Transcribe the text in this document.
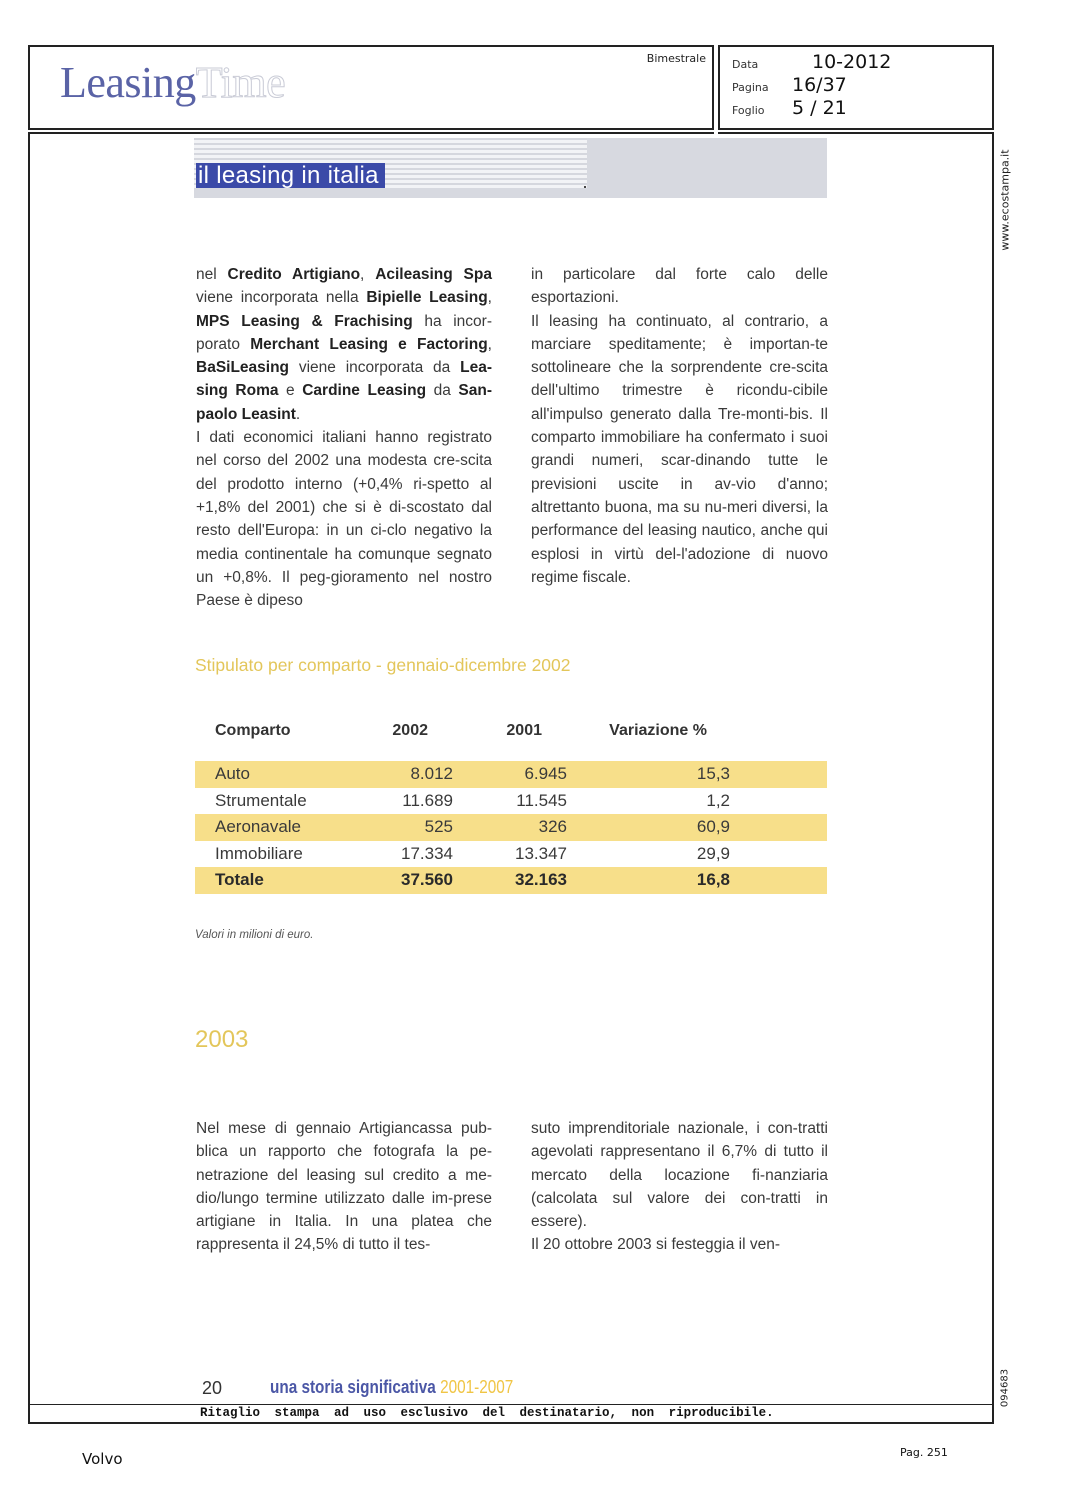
LeasingTime	Bimestrale Data	10-2012
Pagina	16/37
Foglio	5 / 21
www.ecostampa.it
094683
il leasing in italia

nel Credito Artigiano, Acileasing Spa viene incorporata nella Bipielle Leasing, MPS Leasing & Frachising ha incor-porato Merchant Leasing e Factoring, BaSiLeasing viene incorporata da Lea-sing Roma e Cardine Leasing da San-paolo Leasint.

I dati economici italiani hanno registrato nel corso del 2002 una modesta cre-scita del prodotto interno (+0,4% ri-spetto al +1,8% del 2001) che si è di-scostato dal resto dell'Europa: in un ci-clo negativo la media continentale ha comunque segnato un +0,8%. Il peg-gioramento nel nostro Paese è dipeso

in particolare dal forte calo delle esportazioni.

Il leasing ha continuato, al contrario, a marciare speditamente; è importan-te sottolineare che la sorprendente cre-scita dell'ultimo trimestre è ricondu-cibile all'impulso generato dalla Tre-monti-bis. Il comparto immobiliare ha confermato i suoi grandi numeri, scar-dinando tutte le previsioni uscite in av-vio d'anno; altrettanto buona, ma su nu-meri diversi, la performance del leasing nautico, anche qui esplosi in virtù del-l'adozione di nuovo regime fiscale.

Stipulato per comparto - gennaio-dicembre 2002
Comparto	2002	2001	Variazione %
Auto	8.012	6.945	15,3
Strumentale	11.689	11.545	1,2
Aeronavale	525	326	60,9
Immobiliare	17.334	13.347	29,9
Totale	37.560	32.163	16,8
Valori in milioni di euro.
2003

Nel mese di gennaio Artigiancassa pub-blica un rapporto che fotografa la pe-netrazione del leasing sul credito a me-dio/lungo termine utilizzato dalle im-prese artigiane in Italia. In una platea che rappresenta il 24,5% di tutto il tes-

suto imprenditoriale nazionale, i con-tratti agevolati rappresentano il 6,7% di tutto il mercato della locazione fi-nanziaria (calcolata sul valore dei con-tratti in essere).

Il 20 ottobre 2003 si festeggia il ven-

20	una storia significativa 2001-2007
Ritaglio stampa ad uso esclusivo del destinatario, non riproducibile.
Volvo	Pag. 251
